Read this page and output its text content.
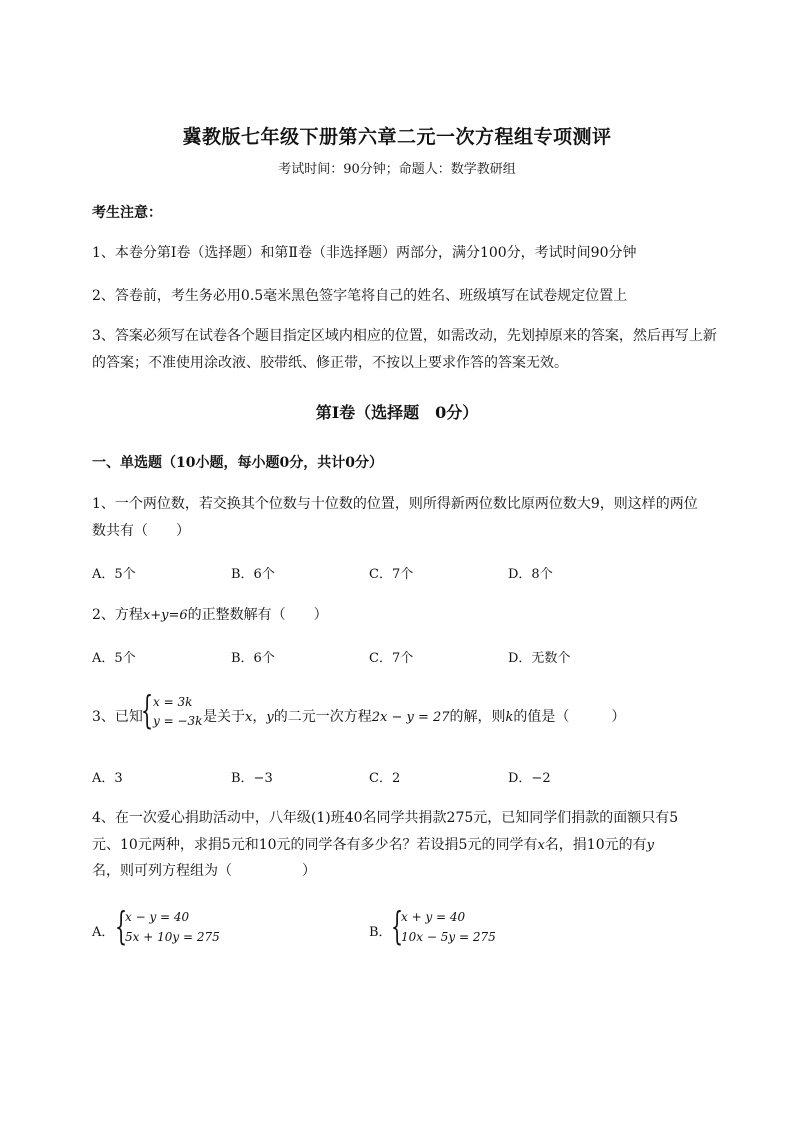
冀教版七年级下册第六章二元一次方程组专项测评
考试时间：90分钟；命题人：数学教研组
考生注意：
1、本卷分第I卷（选择题）和第Ⅱ卷（非选择题）两部分，满分100分，考试时间90分钟
2、答卷前，考生务必用0.5毫米黑色签字笔将自己的姓名、班级填写在试卷规定位置上
3、答案必须写在试卷各个题目指定区域内相应的位置，如需改动，先划掉原来的答案，然后再写上新
的答案；不准使用涂改液、胶带纸、修正带，不按以上要求作答的答案无效。
第I卷（选择题　0分）
一、单选题（10小题，每小题0分，共计0分）
1、一个两位数，若交换其个位数与十位数的位置，则所得新两位数比原两位数大9，则这样的两位
数共有（　　）
A．5个	B．6个	C．7个	D．8个
2、方程x+y=6的正整数解有（　　）
A．5个	B．6个	C．7个	D．无数个
3、已知
{ x = 3k
y = −3k 是关于x，y的二元一次方程2x − y = 27的解，则k的值是（　　　）
A．3	B．−3	C．2	D．−2
4、在一次爱心捐助活动中，八年级(1)班40名同学共捐款275元，已知同学们捐款的面额只有5
元、10元两种，求捐5元和10元的同学各有多少名？若设捐5元的同学有x名，捐10元的有y
名，则可列方程组为（　　　　　）
A． {
x − y = 40
5x + 10y = 275	B． {
x + y = 40
10x − 5y = 275
